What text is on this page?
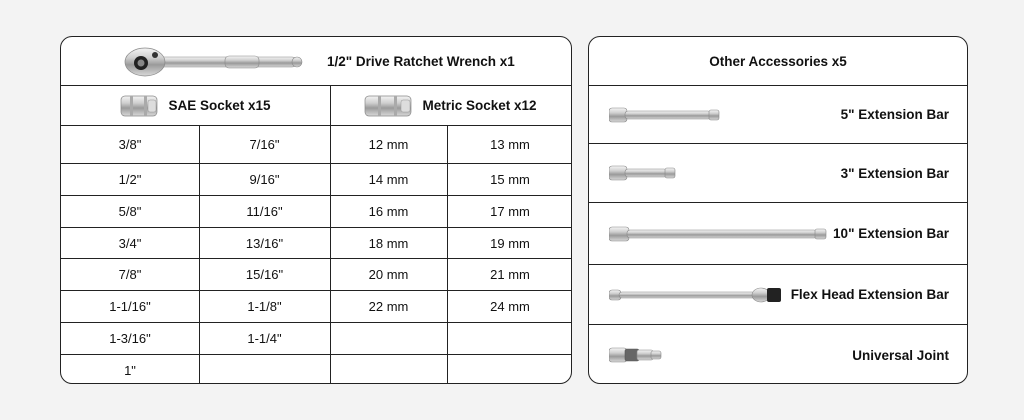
1/2" Drive Ratchet Wrench x1
SAE Socket x15	Metric Socket x12
3/8"	7/16"	12 mm	13 mm
1/2"	9/16"	14 mm	15 mm
5/8"	11/16"	16 mm	17 mm
3/4"	13/16"	18 mm	19 mm
7/8"	15/16"	20 mm	21 mm
1-1/16"	1-1/8"	22 mm	24 mm
1-3/16"	1-1/4"
1"
Other Accessories x5
5" Extension Bar
3" Extension Bar
10" Extension Bar
Flex Head Extension Bar
Universal Joint
